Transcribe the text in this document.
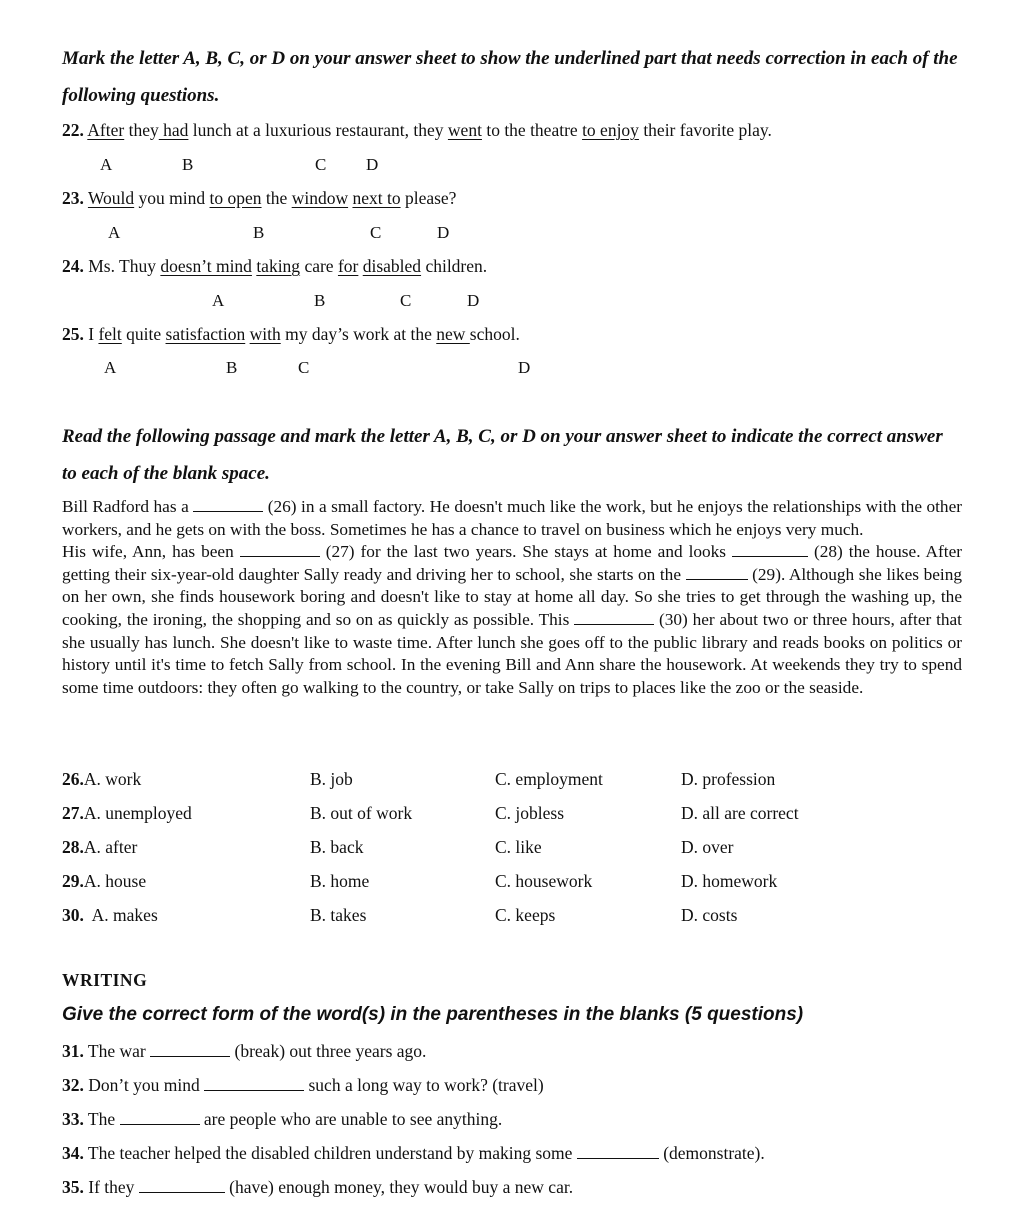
Mark the letter A, B, C, or D on your answer sheet to show the underlined part that needs correction in each of the following questions.
22. After they had lunch at a luxurious restaurant, they went to the theatre to enjoy their favorite play.
A	B	C D
23. Would you mind to open the window next to please?
A	B	C	D
24. Ms. Thuy doesn’t mind taking care for disabled children.
A	B	C	D
25. I felt quite satisfaction with my day’s work at the new school.
A	B	C	D
Read the following passage and mark the letter A, B, C, or D on your answer sheet to indicate the correct answer to each of the blank space.

Bill Radford has a	(26) in a small factory. He doesn't much like the work, but he enjoys the relationships with the other workers, and he gets on with the boss. Sometimes he has a chance to travel on business which he enjoys very much.

His wife, Ann, has been	(27) for the last two years. She stays at home and looks	(28) the house. After getting their six-year-old daughter Sally ready and driving her to school, she starts on the	(29). Although she likes being on her own, she finds housework boring and doesn't like to stay at home all day. So she tries to get through the washing up, the cooking, the ironing, the shopping and so on as quickly as possible. This	(30) her about two or three hours, after that she usually has lunch. She doesn't like to waste time. After lunch she goes off to the public library and reads books on politics or history until it's time to fetch Sally from school. In the evening Bill and Ann share the housework. At weekends they try to spend some time outdoors: they often go walking to the country, or take Sally on trips to places like the zoo or the seaside.

26. A. work	B. job	C. employment	D. profession
27. A. unemployed	B. out of work	C. jobless	D. all are correct
28. A. after	B. back	C. like	D. over
29. A. house	B. home	C. housework	D. homework
30. A. makes	B. takes	C. keeps	D. costs
WRITING
Give the correct form of the word(s) in the parentheses in the blanks (5 questions)
31. The war	(break) out three years ago.
32. Don’t you mind	such a long way to work? (travel)
33. The	are people who are unable to see anything.
34. The teacher helped the disabled children understand by making some	(demonstrate).
35. If they	(have) enough money, they would buy a new car.
